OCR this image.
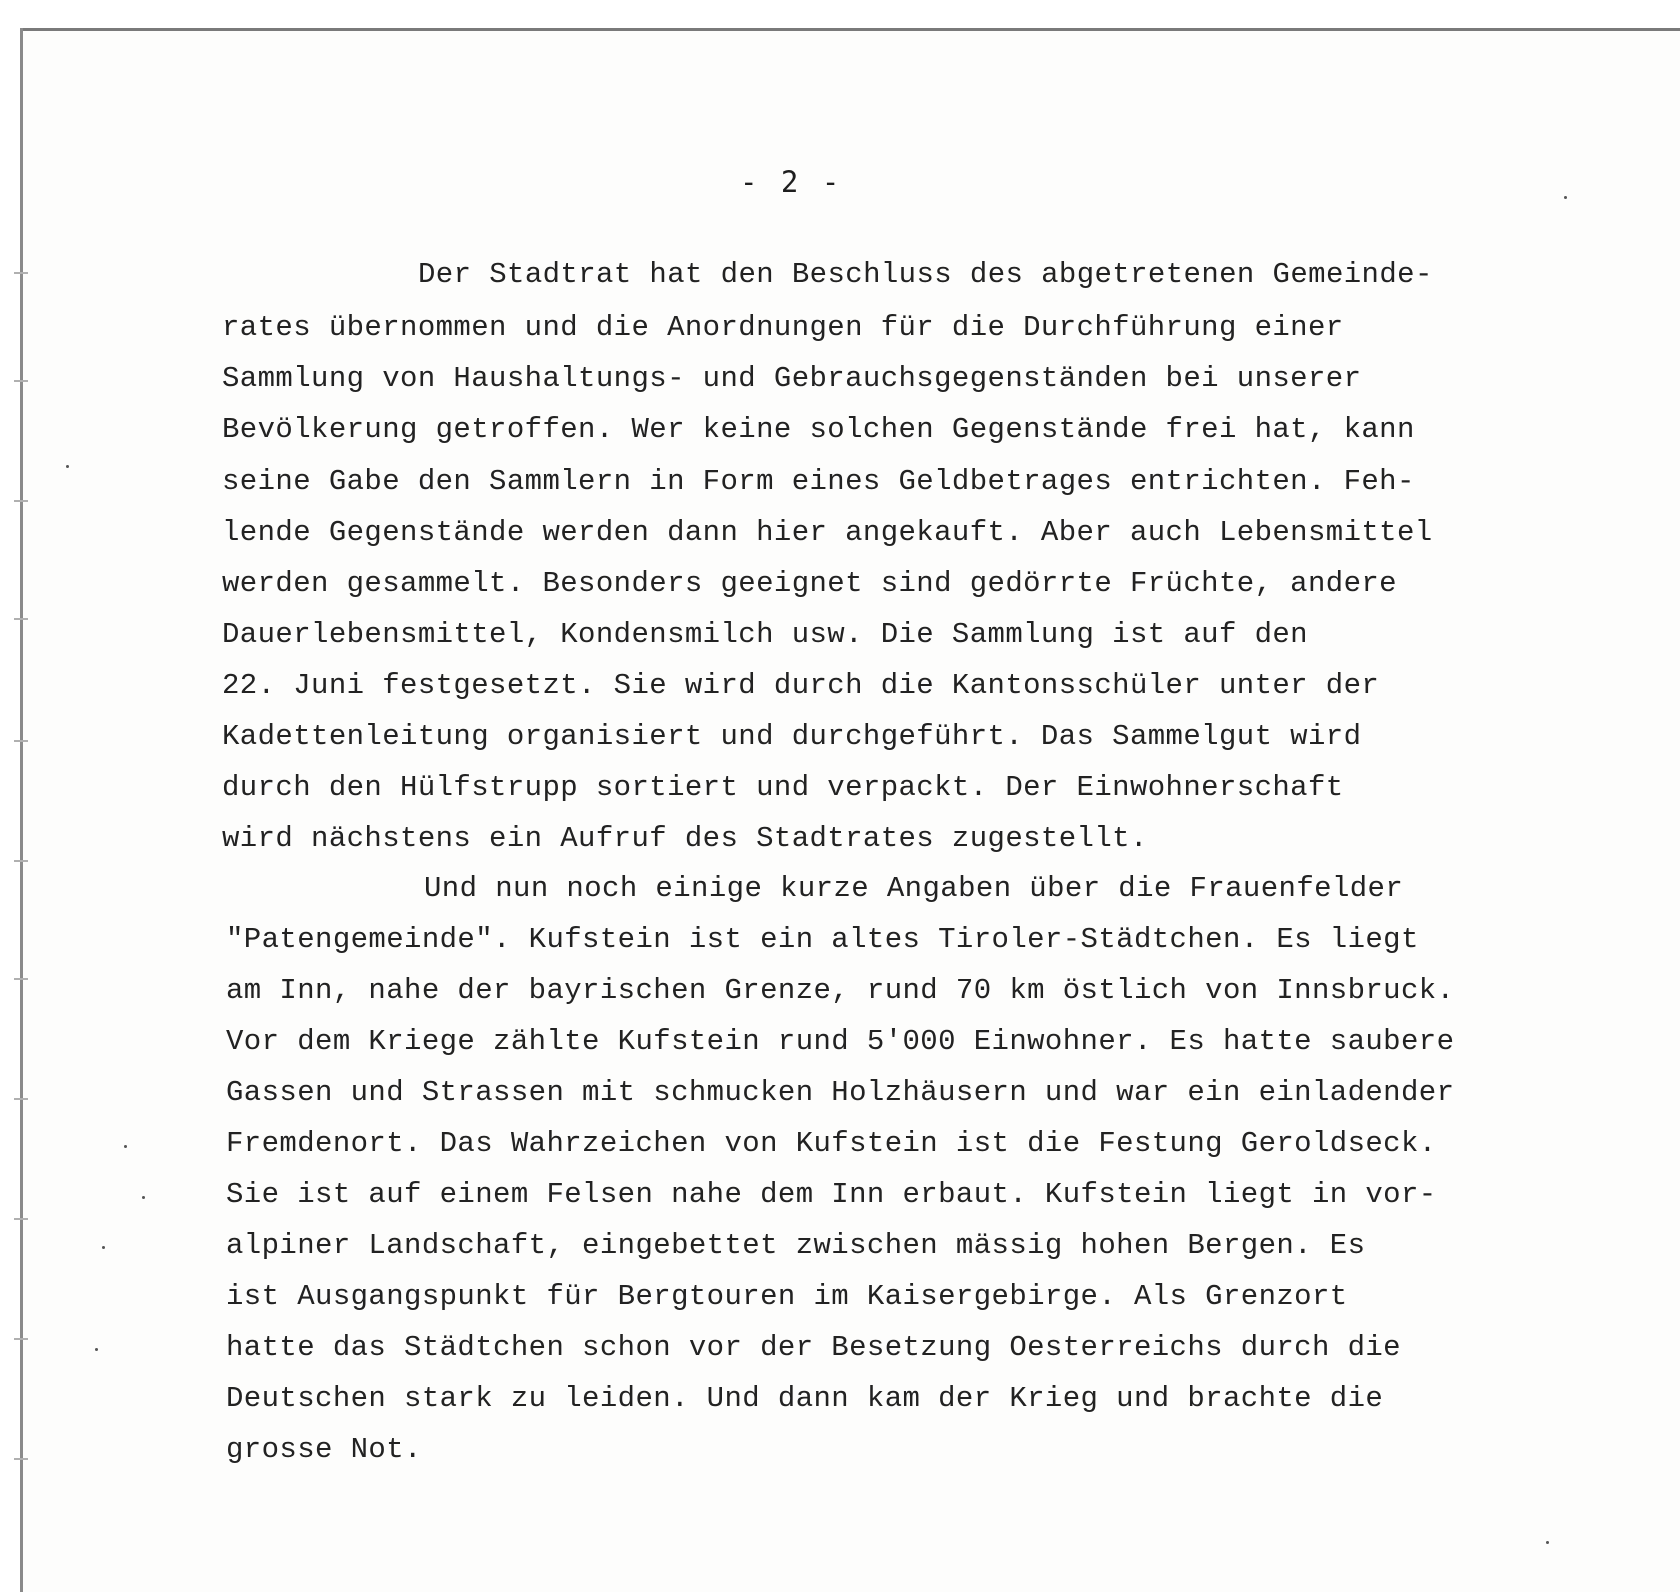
- 2 -
Der Stadtrat hat den Beschluss des abgetretenen Gemeinde-
rates übernommen und die Anordnungen für die Durchführung einer
Sammlung von Haushaltungs- und Gebrauchsgegenständen bei unserer
Bevölkerung getroffen. Wer keine solchen Gegenstände frei hat, kann
seine Gabe den Sammlern in Form eines Geldbetrages entrichten. Feh-
lende Gegenstände werden dann hier angekauft. Aber auch Lebensmittel
werden gesammelt. Besonders geeignet sind gedörrte Früchte, andere
Dauerlebensmittel, Kondensmilch usw. Die Sammlung ist auf den
22. Juni festgesetzt. Sie wird durch die Kantonsschüler unter der
Kadettenleitung organisiert und durchgeführt. Das Sammelgut wird
durch den Hülfstrupp sortiert und verpackt. Der Einwohnerschaft
wird nächstens ein Aufruf des Stadtrates zugestellt.
Und nun noch einige kurze Angaben über die Frauenfelder
"Patengemeinde". Kufstein ist ein altes Tiroler-Städtchen. Es liegt
am Inn, nahe der bayrischen Grenze, rund 70 km östlich von Innsbruck.
Vor dem Kriege zählte Kufstein rund 5'000 Einwohner. Es hatte saubere
Gassen und Strassen mit schmucken Holzhäusern und war ein einladender
Fremdenort. Das Wahrzeichen von Kufstein ist die Festung Geroldseck.
Sie ist auf einem Felsen nahe dem Inn erbaut. Kufstein liegt in vor-
alpiner Landschaft, eingebettet zwischen mässig hohen Bergen. Es
ist Ausgangspunkt für Bergtouren im Kaisergebirge. Als Grenzort
hatte das Städtchen schon vor der Besetzung Oesterreichs durch die
Deutschen stark zu leiden. Und dann kam der Krieg und brachte die
grosse Not.
